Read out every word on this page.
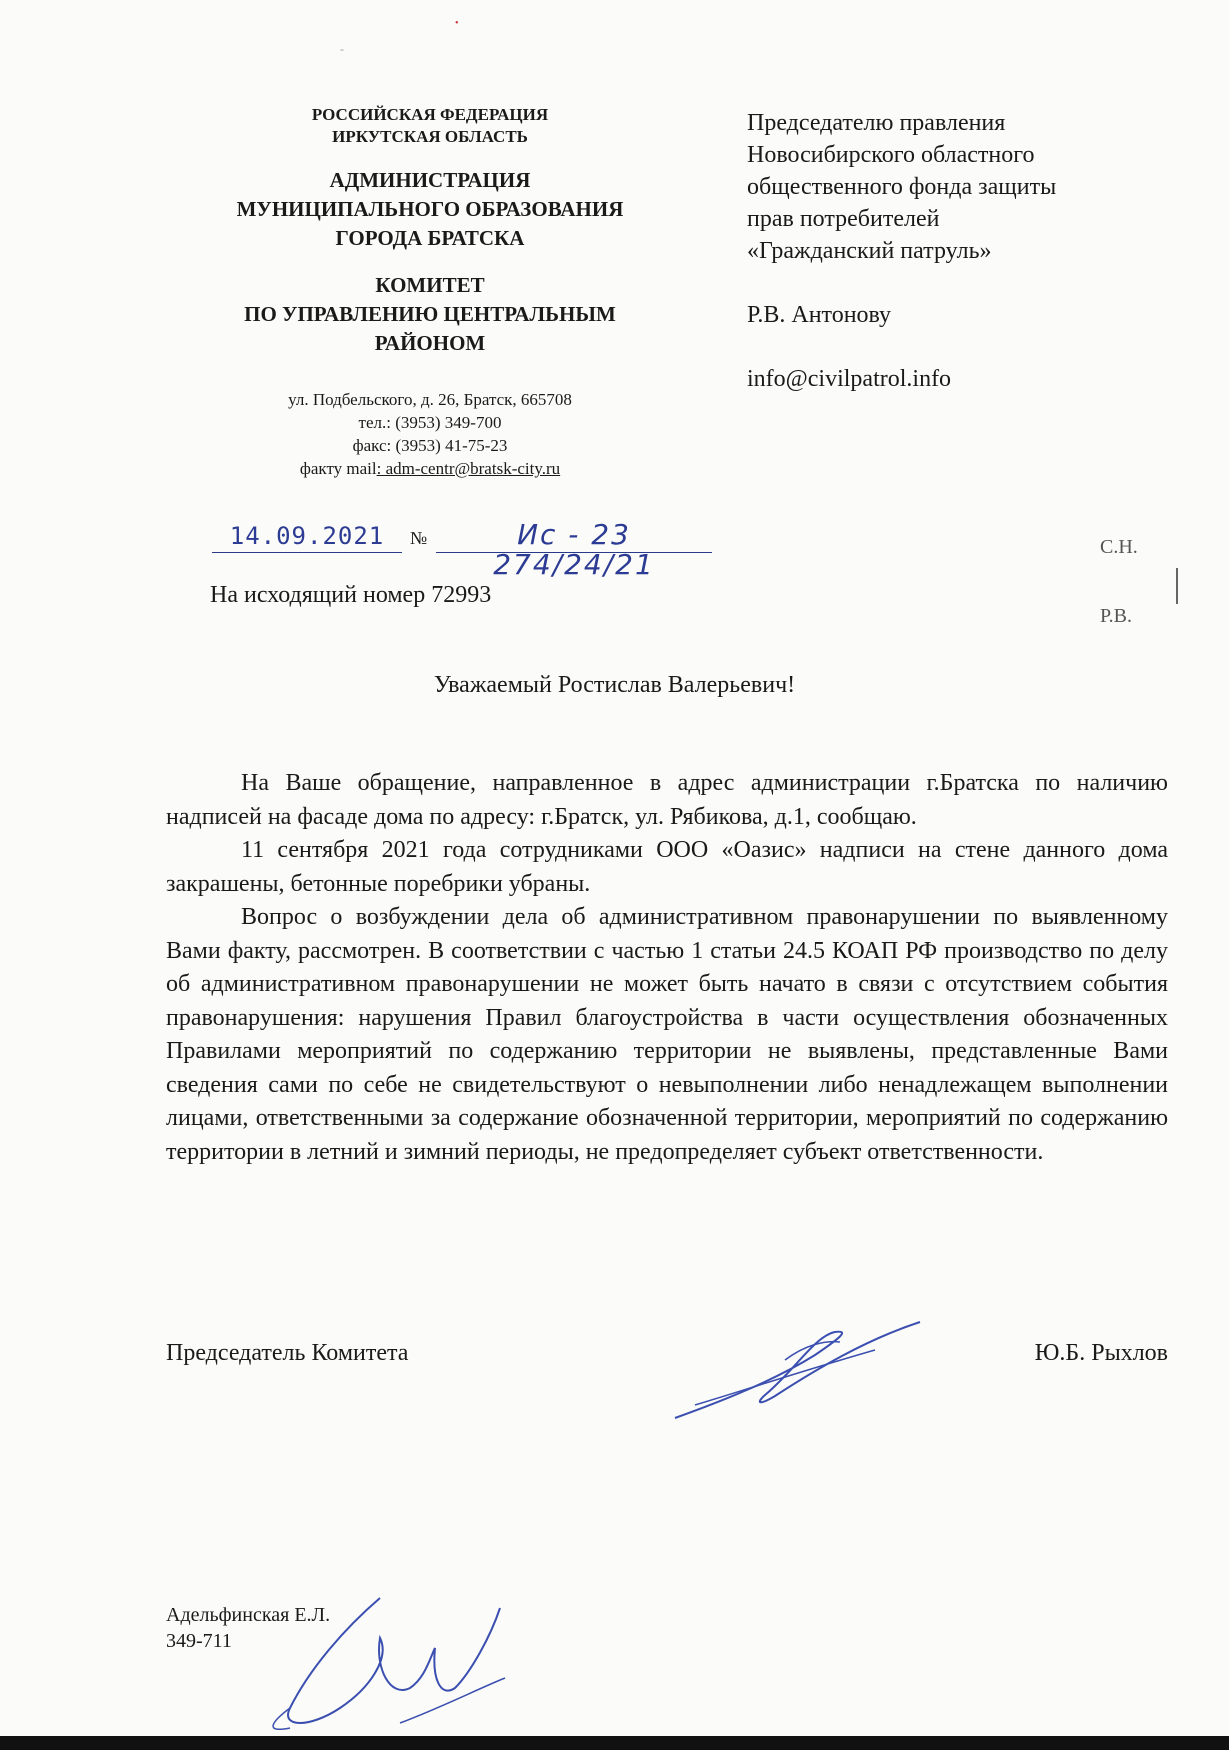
РОССИЙСКАЯ ФЕДЕРАЦИЯ
ИРКУТСКАЯ ОБЛАСТЬ
АДМИНИСТРАЦИЯ
МУНИЦИПАЛЬНОГО ОБРАЗОВАНИЯ
ГОРОДА БРАТСКА
КОМИТЕТ
ПО УПРАВЛЕНИЮ ЦЕНТРАЛЬНЫМ
РАЙОНОМ
ул. Подбельского, д. 26, Братск, 665708
тел.: (3953) 349-700
факс: (3953) 41-75-23
факту mail: adm-centr@bratsk-city.ru
Председателю правления
Новосибирского областного
общественного фонда защиты
прав потребителей
«Гражданский патруль»
Р.В. Антонову
info@civilpatrol.info
14.09.2021	№	Ис - 23 274/24/21
На исходящий номер 72993
С.Н.
Р.В.
Уважаемый Ростислав Валерьевич!

На Ваше обращение, направленное в адрес администрации г.Братска по наличию надписей на фасаде дома по адресу: г.Братск, ул. Рябикова, д.1, сообщаю.

11 сентября 2021 года сотрудниками ООО «Оазис» надписи на стене данного дома закрашены, бетонные поребрики убраны.

Вопрос о возбуждении дела об административном правонарушении по выявленному Вами факту, рассмотрен. В соответствии с частью 1 статьи 24.5 КОАП РФ производство по делу об административном правонарушении не может быть начато в связи с отсутствием события правонарушения: нарушения Правил благоустройства в части осуществления обозначенных Правилами мероприятий по содержанию территории не выявлены, представленные Вами сведения сами по себе не свидетельствуют о невыполнении либо ненадлежащем выполнении лицами, ответственными за содержание обозначенной территории, мероприятий по содержанию территории в летний и зимний периоды, не предопределяет субъект ответственности.

Председатель Комитета	Ю.Б. Рыхлов
Адельфинская Е.Л.
349-711
•
-
